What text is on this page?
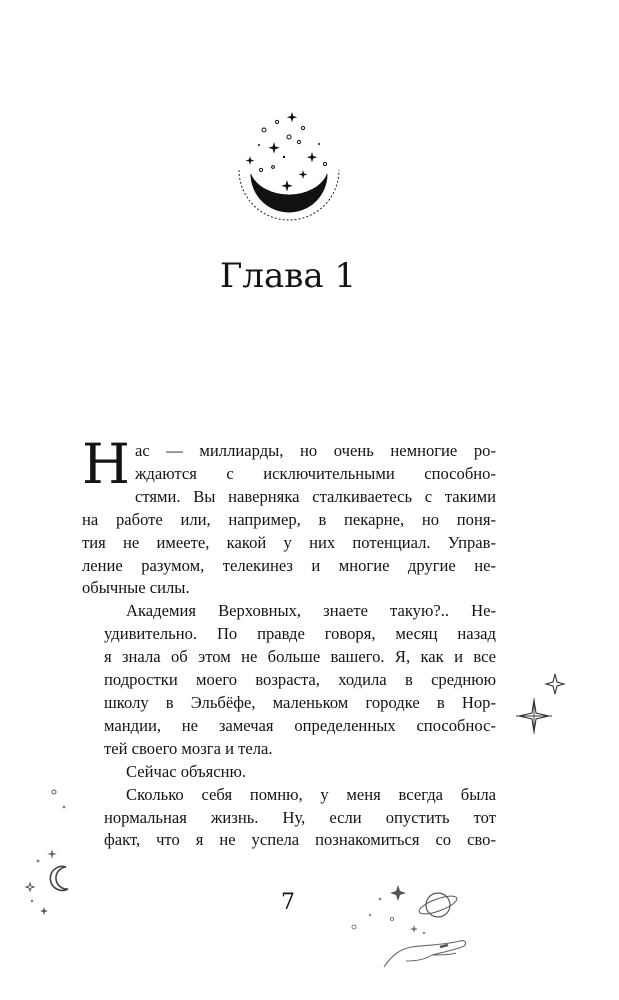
Глава 1

Н ас — миллиарды, но очень немногие ро-
ждаются с исключительными способно-
стями. Вы наверняка сталкиваетесь с такими
на работе или, например, в пекарне, но поня-
тия не имеете, какой у них потенциал. Управ-
ление разумом, телекинез и многие другие не-
обычные силы.

Академия Верховных, знаете такую?.. Не-
удивительно. По правде говоря, месяц назад
я знала об этом не больше вашего. Я, как и все
подростки моего возраста, ходила в среднюю
школу в Эльбёфе, маленьком городке в Нор-
мандии, не замечая определенных способнос-
тей своего мозга и тела.

Сейчас объясню.

Сколько себя помню, у меня всегда была
нормальная жизнь. Ну, если опустить тот
факт, что я не успела познакомиться со сво-

7
